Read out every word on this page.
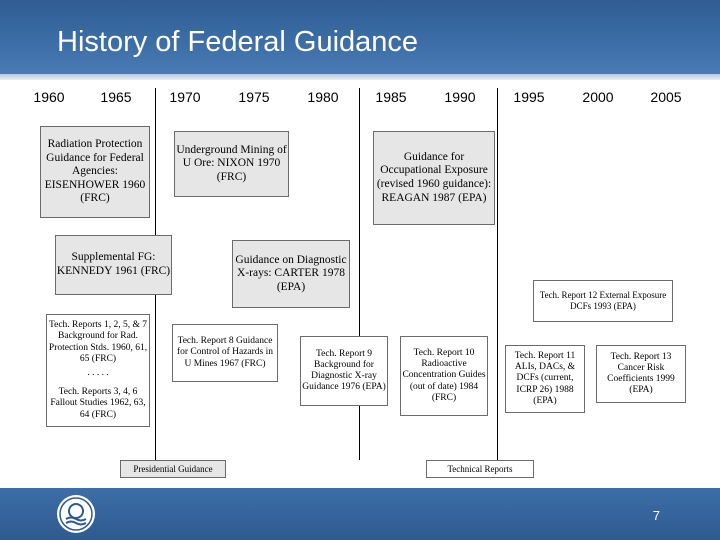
History of Federal Guidance
1960	1965	1970	1975	1980	1985	1990	1995	2000	2005
Radiation Protection Guidance for Federal Agencies: EISENHOWER 1960 (FRC)
Underground Mining of U Ore: NIXON 1970 (FRC)
Guidance for Occupational Exposure (revised 1960 guidance): REAGAN 1987 (EPA)
Supplemental FG: KENNEDY 1961 (FRC)
Guidance on Diagnostic X-rays: CARTER 1978 (EPA)
Tech. Reports 1, 2, 5, & 7 Background for Rad. Protection Stds. 1960, 61, 65 (FRC)
. . . . .
Tech. Reports 3, 4, 6 Fallout Studies 1962, 63, 64 (FRC)
Tech. Report 8 Guidance for Control of Hazards in U Mines 1967 (FRC)
Tech. Report 9 Background for Diagnostic X-ray Guidance 1976 (EPA)
Tech. Report 10 Radioactive Concentration Guides (out of date) 1984 (FRC)
Tech. Report 12 External Exposure DCFs 1993 (EPA)
Tech. Report 11 ALIs, DACs, & DCFs (current, ICRP 26) 1988 (EPA)
Tech. Report 13 Cancer Risk Coefficients 1999 (EPA)
Presidential Guidance	Technical Reports
7
